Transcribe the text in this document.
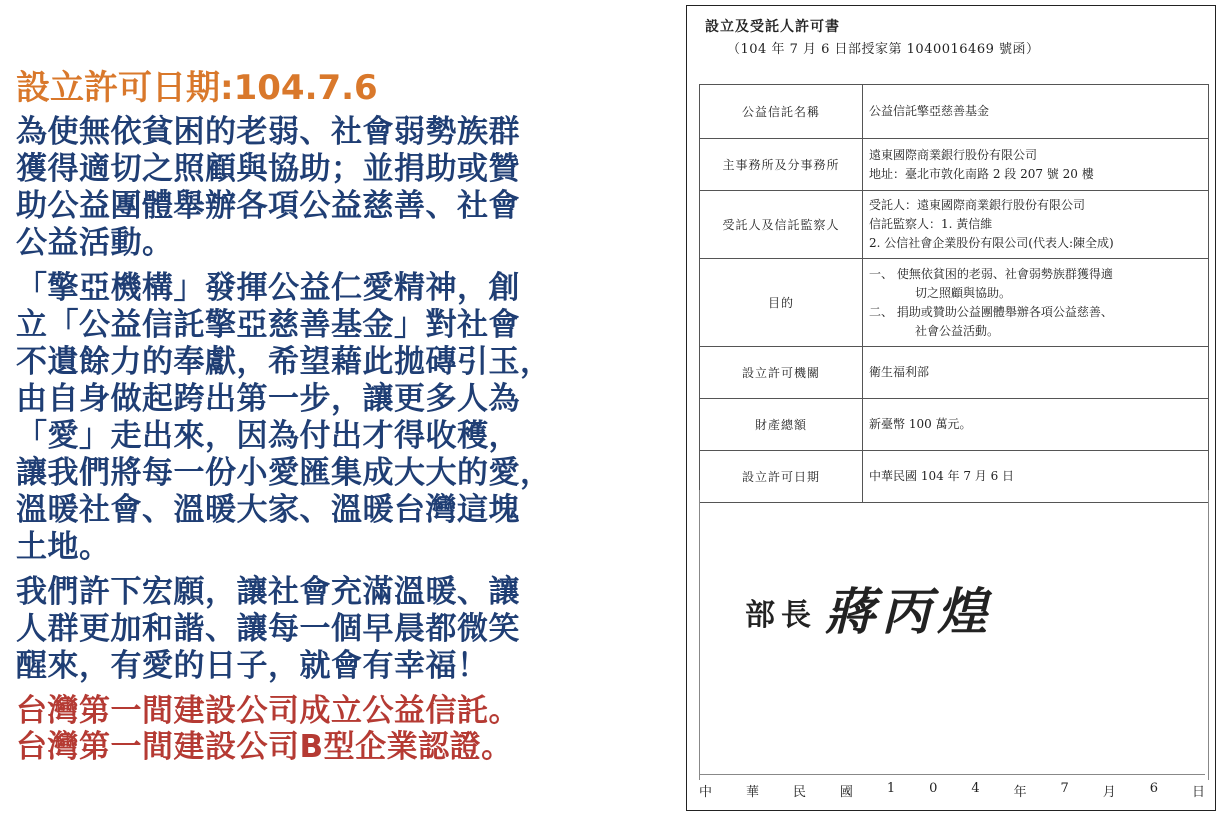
設立許可日期:104.7.6
為使無依貧困的老弱、社會弱勢族群
獲得適切之照顧與協助；並捐助或贊
助公益團體舉辦各項公益慈善、社會
公益活動。
「擎亞機構」發揮公益仁愛精神，創
立「公益信託擎亞慈善基金」對社會
不遺餘力的奉獻，希望藉此拋磚引玉，
由自身做起跨出第一步，讓更多人為
「愛」走出來，因為付出才得收穫，
讓我們將每一份小愛匯集成大大的愛，
溫暖社會、溫暖大家、溫暖台灣這塊
土地。
我們許下宏願，讓社會充滿溫暖、讓
人群更加和諧、讓每一個早晨都微笑
醒來，有愛的日子，就會有幸福！
台灣第一間建設公司成立公益信託。
台灣第一間建設公司B型企業認證。
設立及受託人許可書
（104 年 7 月 6 日部授家第 1040016469 號函）
公益信託名稱	公益信託擎亞慈善基金

主事務所及分事務所	遠東國際商業銀行股份有限公司
地址：臺北市敦化南路 2 段 207 號 20 樓

受託人及信託監察人	受託人：遠東國際商業銀行股份有限公司
信託監察人：1. 黃信維
2. 公信社會企業股份有限公司(代表人:陳全成)

目的	一、 使無依貧困的老弱、社會弱勢族群獲得適
切之照顧與協助。
二、 捐助或贊助公益團體舉辦各項公益慈善、
社會公益活動。

設立許可機關	衛生福利部

財產總額	新臺幣 100 萬元。

設立許可日期	中華民國 104 年 7 月 6 日
部長 蔣丙煌
中	華	民	國	1	0	4	年	7	月	6	日
